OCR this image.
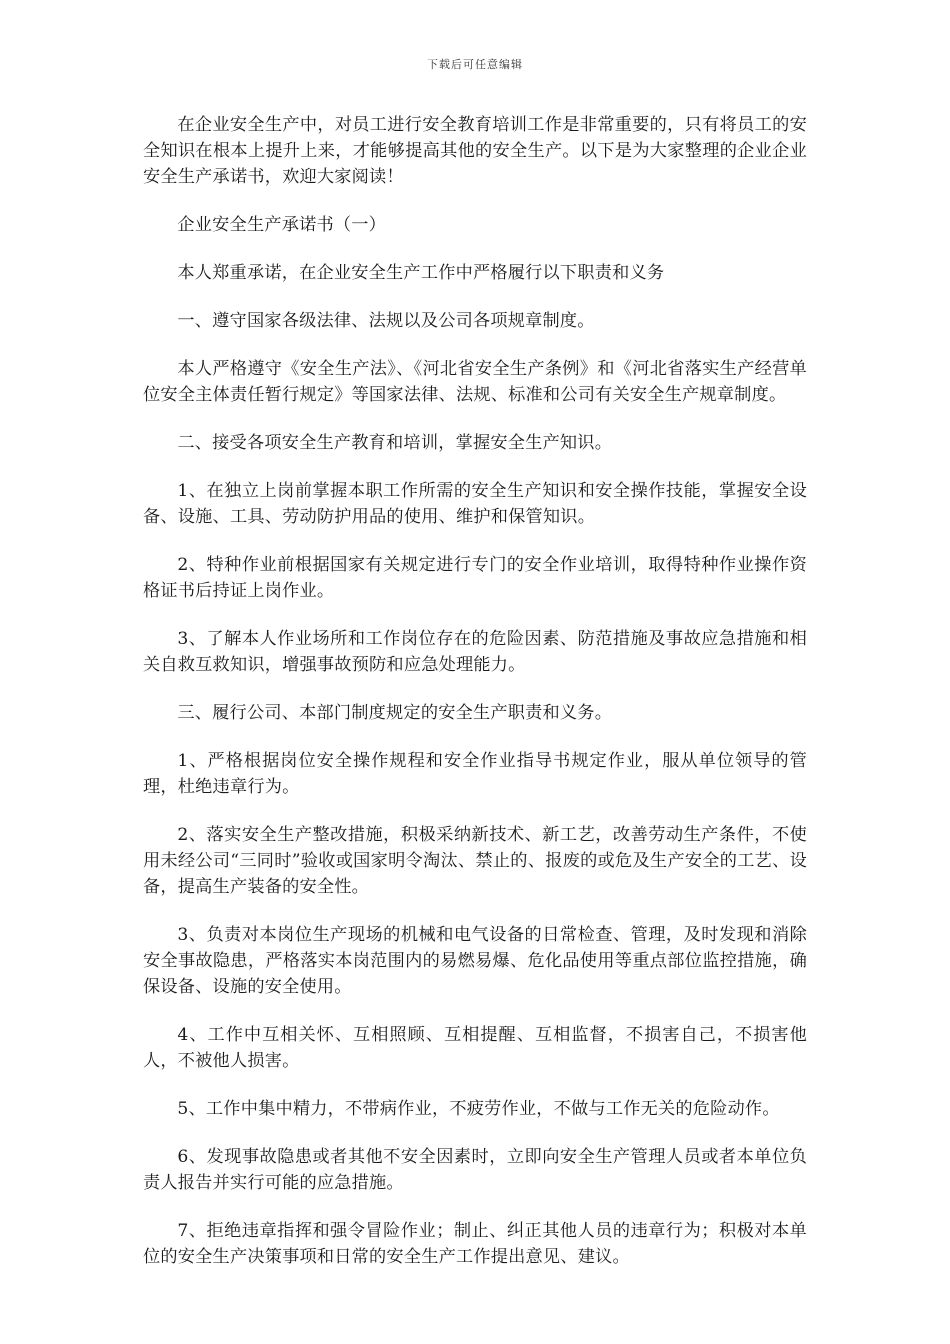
下载后可任意编辑

在企业安全生产中，对员工进行安全教育培训工作是非常重要的，只有将员工的安全知识在根本上提升上来，才能够提高其他的安全生产。以下是为大家整理的企业企业安全生产承诺书，欢迎大家阅读！

企业安全生产承诺书（一）

本人郑重承诺，在企业安全生产工作中严格履行以下职责和义务

一、遵守国家各级法律、法规以及公司各项规章制度。

本人严格遵守《安全生产法》、《河北省安全生产条例》和《河北省落实生产经营单位安全主体责任暂行规定》等国家法律、法规、标准和公司有关安全生产规章制度。

二、接受各项安全生产教育和培训，掌握安全生产知识。

1、在独立上岗前掌握本职工作所需的安全生产知识和安全操作技能，掌握安全设备、设施、工具、劳动防护用品的使用、维护和保管知识。

2、特种作业前根据国家有关规定进行专门的安全作业培训，取得特种作业操作资格证书后持证上岗作业。

3、了解本人作业场所和工作岗位存在的危险因素、防范措施及事故应急措施和相关自救互救知识，增强事故预防和应急处理能力。

三、履行公司、本部门制度规定的安全生产职责和义务。

1、严格根据岗位安全操作规程和安全作业指导书规定作业，服从单位领导的管理，杜绝违章行为。

2、落实安全生产整改措施，积极采纳新技术、新工艺，改善劳动生产条件，不使用未经公司“三同时”验收或国家明令淘汰、禁止的、报废的或危及生产安全的工艺、设备，提高生产装备的安全性。

3、负责对本岗位生产现场的机械和电气设备的日常检查、管理，及时发现和消除安全事故隐患，严格落实本岗范围内的易燃易爆、危化品使用等重点部位监控措施，确保设备、设施的安全使用。

4、工作中互相关怀、互相照顾、互相提醒、互相监督，不损害自己，不损害他人，不被他人损害。

5、工作中集中精力，不带病作业，不疲劳作业，不做与工作无关的危险动作。

6、发现事故隐患或者其他不安全因素时，立即向安全生产管理人员或者本单位负责人报告并实行可能的应急措施。

7、拒绝违章指挥和强令冒险作业；制止、纠正其他人员的违章行为；积极对本单位的安全生产决策事项和日常的安全生产工作提出意见、建议。
